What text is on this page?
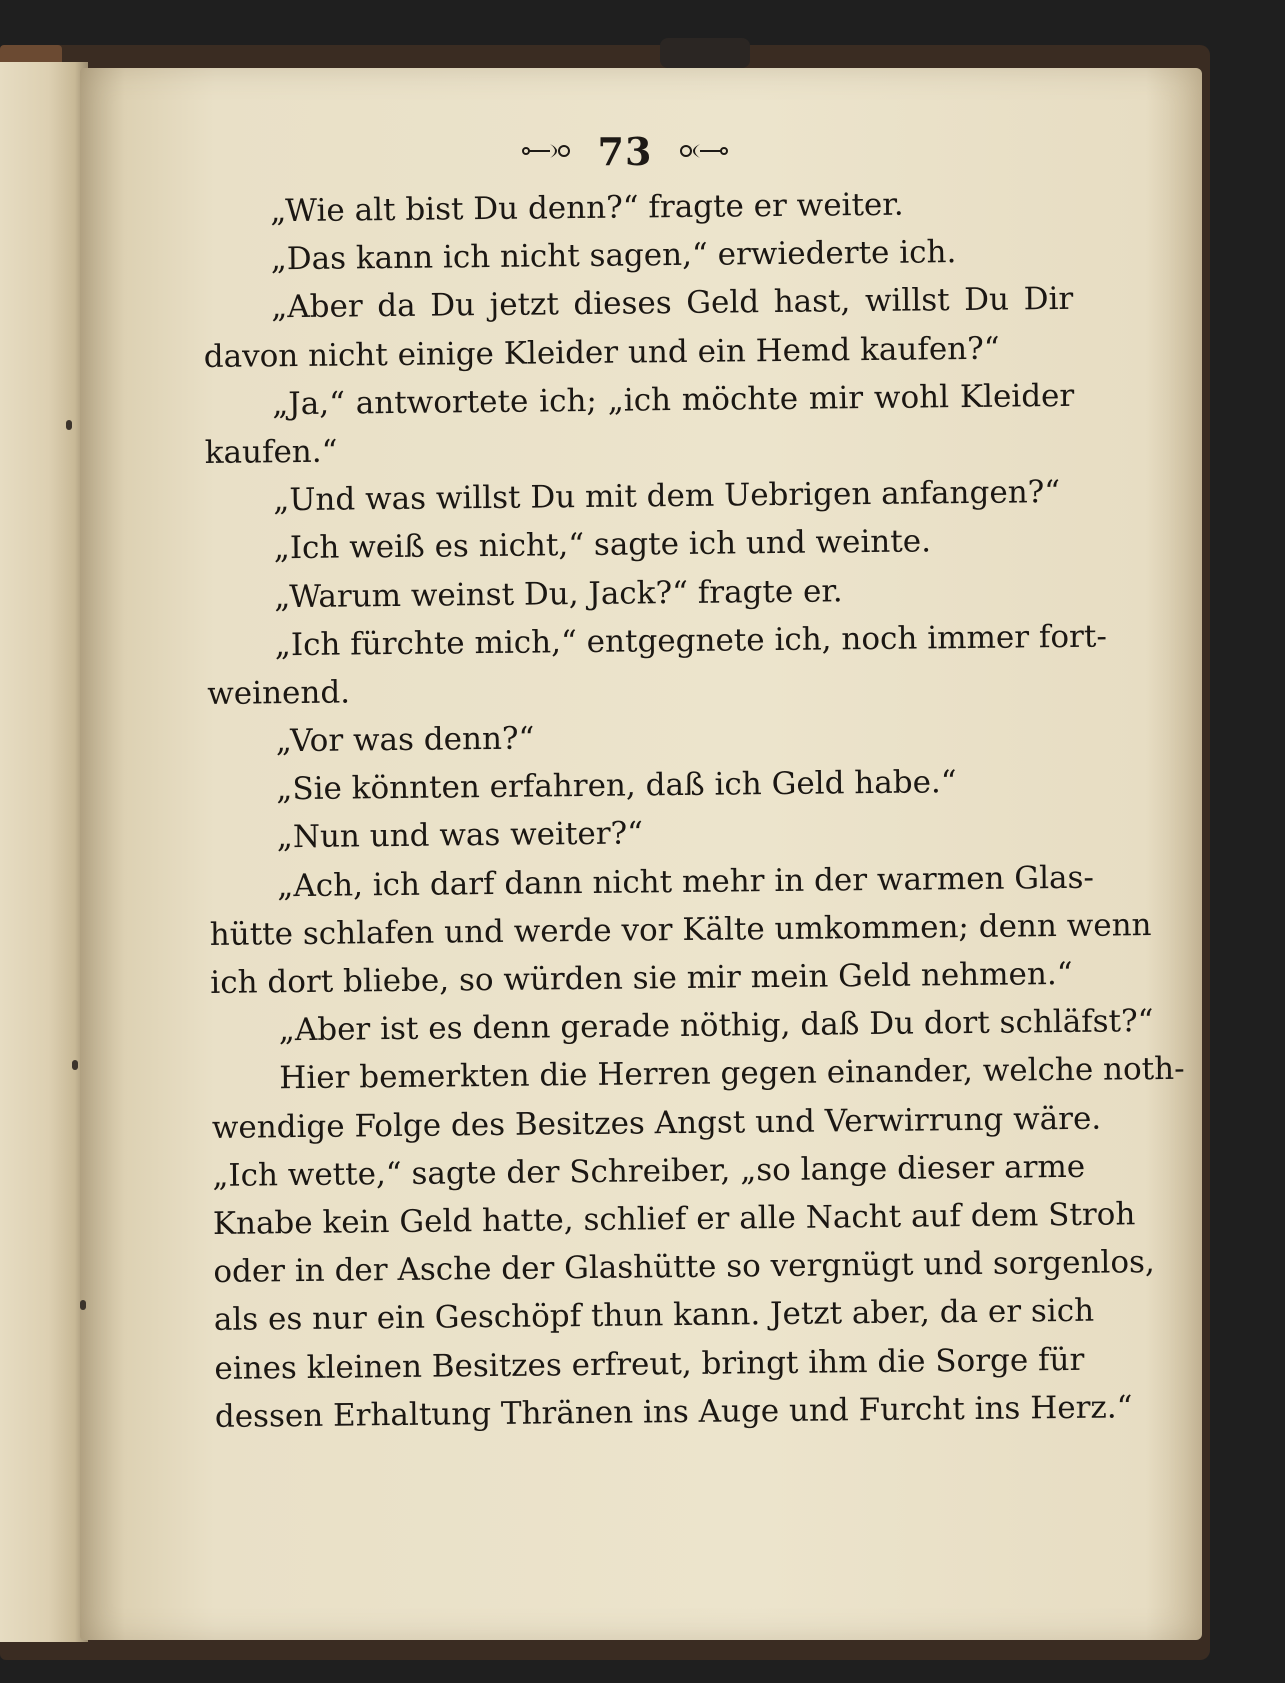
73
„Wie alt bist Du denn?“ fragte er weiter.
„Das kann ich nicht sagen,“ erwiederte ich.
„Aber da Du jetzt dieses Geld hast, willst Du Dir
davon nicht einige Kleider und ein Hemd kaufen?“
„Ja,“ antwortete ich; „ich möchte mir wohl Kleider
kaufen.“
„Und was willst Du mit dem Uebrigen anfangen?“
„Ich weiß es nicht,“ sagte ich und weinte.
„Warum weinst Du, Jack?“ fragte er.
„Ich fürchte mich,“ entgegnete ich, noch immer fort-
weinend.
„Vor was denn?“
„Sie könnten erfahren, daß ich Geld habe.“
„Nun und was weiter?“
„Ach, ich darf dann nicht mehr in der warmen Glas-
hütte schlafen und werde vor Kälte umkommen; denn wenn
ich dort bliebe, so würden sie mir mein Geld nehmen.“
„Aber ist es denn gerade nöthig, daß Du dort schläfst?“
Hier bemerkten die Herren gegen einander, welche noth-
wendige Folge des Besitzes Angst und Verwirrung wäre.
„Ich wette,“ sagte der Schreiber, „so lange dieser arme
Knabe kein Geld hatte, schlief er alle Nacht auf dem Stroh
oder in der Asche der Glashütte so vergnügt und sorgenlos,
als es nur ein Geschöpf thun kann. Jetzt aber, da er sich
eines kleinen Besitzes erfreut, bringt ihm die Sorge für
dessen Erhaltung Thränen ins Auge und Furcht ins Herz.“
